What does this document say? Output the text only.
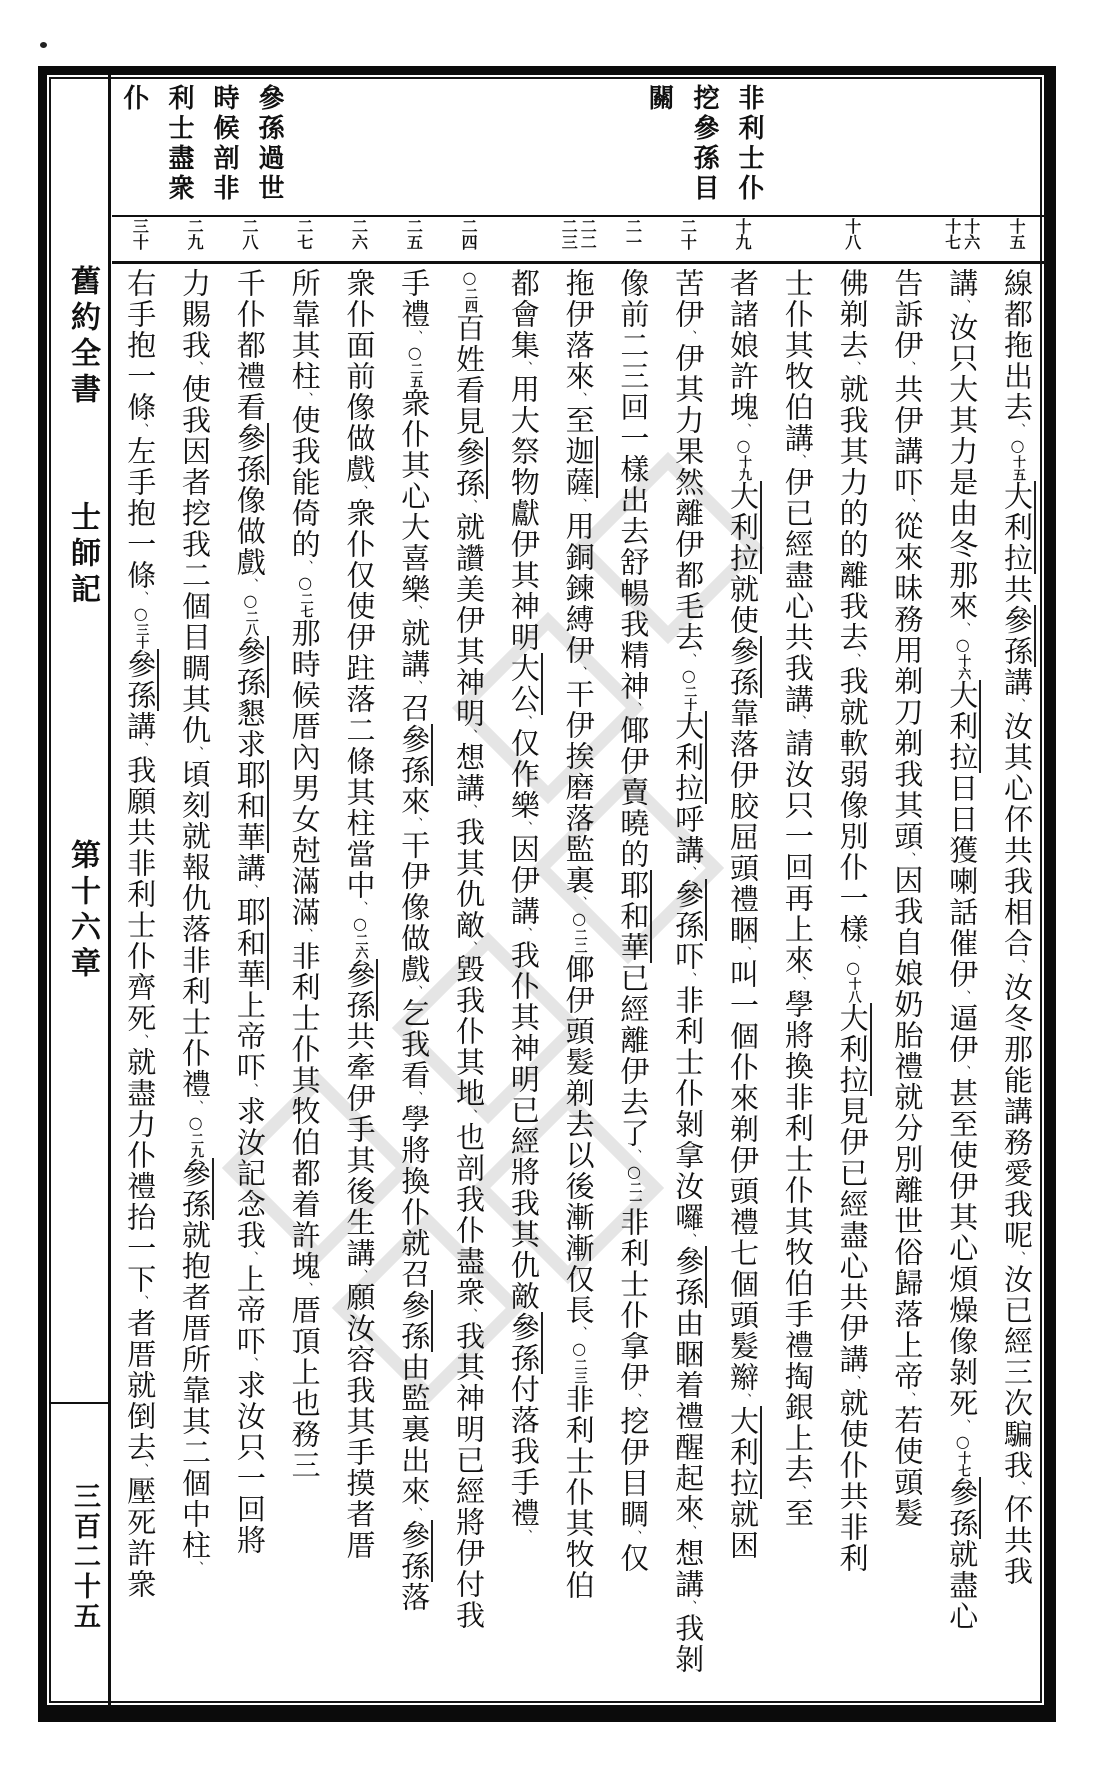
非利士仆
挖參孫目
關
參孫過世
時候剖非
利士盡衆
仆
十五
十六
十七
十八
十九
二十
二一
二二
二三
二四
二五
二六
二七
二八
二九
三十
線都拖出去、○十五大利拉共參孫講、汝其心伓共我相合、汝冬那能講務愛我呢、汝已經三次騙我、伓共我
講、汝只大其力是由冬那來、○十六大利拉日日獲喇話催伊、逼伊、甚至使伊其心煩燥像剝死、○十七參孫就盡心
告訴伊、共伊講吓、從來昧務用剃刀剃我其頭、因我自娘奶胎禮就分別離世俗歸落上帝、若使頭髮
佛剃去、就我其力的的離我去、我就軟弱像別仆一樣、○十八大利拉見伊已經盡心共伊講、就使仆共非利
士仆其牧伯講、伊已經盡心共我講、請汝只一回再上來、學將換非利士仆其牧伯手禮掏銀上去、至
者諸娘許塊、○十九大利拉就使參孫靠落伊胶屈頭禮睏、叫一個仆來剃伊頭禮七個頭髮辮、大利拉就困
苦伊、伊其力果然離伊都毛去、○二十大利拉呼講、參孫吓、非利士仆剝拿汝囉、參孫由睏着禮醒起來、想講、我剝
像前二三回一樣出去舒暢我精神、倻伊賣曉的耶和華已經離伊去了、○二一非利士仆拿伊、挖伊目睭、仅
拖伊落來、至迦薩、用銅鍊縛伊、干伊挨磨落監裏、○二二倻伊頭髮剃去以後漸漸仅長、○二三非利士仆其牧伯
都會集、用大祭物獻伊其神明大公、仅作樂、因伊講、我仆其神明已經將我其仇敵參孫付落我手禮、
○二四百姓看見參孫、就讚美伊其神明、想講、我其仇敵、毀我仆其地、也剖我仆盡衆、我其神明已經將伊付我
手禮、○二五衆仆其心大喜樂、就講、召參孫來、干伊像做戲、乞我看、學將換仆就召參孫由監裏出來、參孫落
衆仆面前像做戲、衆仆仅使伊跓落二條其柱當中、○二六參孫共牽伊手其後生講、願汝容我其手摸者厝
所靠其柱、使我能倚的、○二七那時候厝內男女尅滿滿、非利士仆其牧伯都着許塊、厝頂上也務三
千仆都禮看參孫像做戲、○二八參孫懇求耶和華講、耶和華上帝吓、求汝記念我、上帝吓、求汝只一回將
力賜我、使我因者挖我二個目睭其仇、頃刻就報仇落非利士仆禮、○二九參孫就抱者厝所靠其二個中柱、
右手抱一條、左手抱一條、○三十參孫講、我願共非利士仆齊死、就盡力仆禮抬一下、者厝就倒去、壓死許衆
舊約全書
士師記
第十六章
三百二十五
